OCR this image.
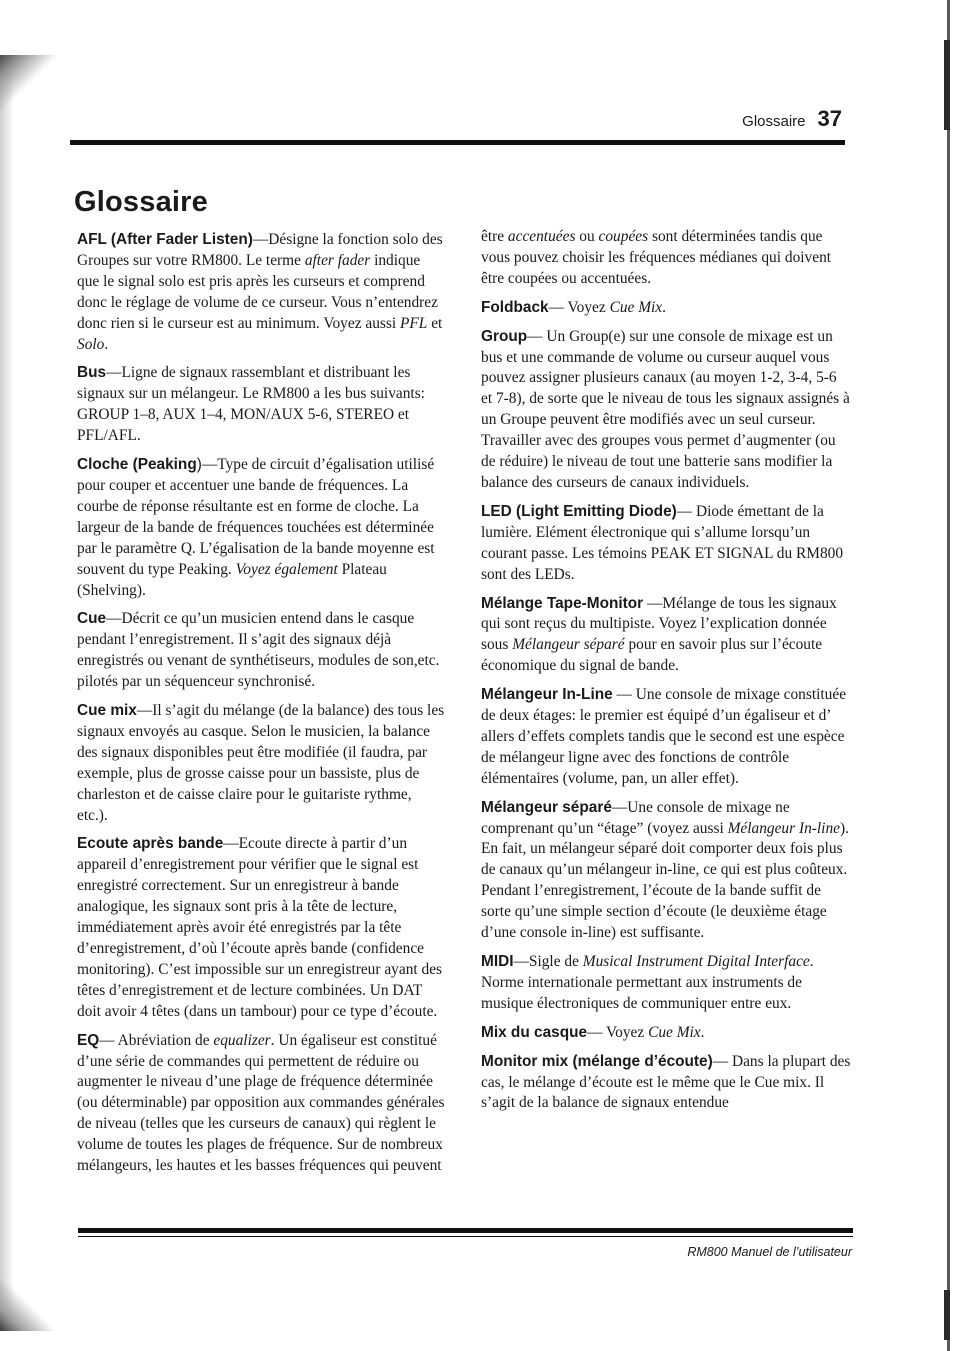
Glossaire 37
Glossaire

AFL (After Fader Listen)—Désigne la fonction solo des Groupes sur votre RM800. Le terme after fader indique que le signal solo est pris après les curseurs et comprend donc le réglage de volume de ce curseur. Vous n’entendrez donc rien si le curseur est au minimum. Voyez aussi PFL et Solo.

Bus—Ligne de signaux rassemblant et distribuant les signaux sur un mélangeur. Le RM800 a les bus suivants: GROUP 1–8, AUX 1–4, MON/AUX 5-6, STEREO et PFL/AFL.

Cloche (Peaking)—Type de circuit d’égalisation utilisé pour couper et accentuer une bande de fréquences. La courbe de réponse résultante est en forme de cloche. La largeur de la bande de fréquences touchées est déterminée par le paramètre Q. L’égalisation de la bande moyenne est souvent du type Peaking. Voyez également Plateau (Shelving).

Cue—Décrit ce qu’un musicien entend dans le casque pendant l’enregistrement. Il s’agit des signaux déjà enregistrés ou venant de synthétiseurs, modules de son,etc. pilotés par un séquenceur synchronisé.

Cue mix—Il s’agit du mélange (de la balance) des tous les signaux envoyés au casque. Selon le musicien, la balance des signaux disponibles peut être modifiée (il faudra, par exemple, plus de grosse caisse pour un bassiste, plus de charleston et de caisse claire pour le guitariste rythme, etc.).

Ecoute après bande—Ecoute directe à partir d’un appareil d’enregistrement pour vérifier que le signal est enregistré correctement. Sur un enregistreur à bande analogique, les signaux sont pris à la tête de lecture, immédiatement après avoir été enregistrés par la tête d’enregistrement, d’où l’écoute après bande (confidence monitoring). C’est impossible sur un enregistreur ayant des têtes d’enregistrement et de lecture combinées. Un DAT doit avoir 4 têtes (dans un tambour) pour ce type d’écoute.

EQ— Abréviation de equalizer. Un égaliseur est constitué d’une série de commandes qui permettent de réduire ou augmenter le niveau d’une plage de fréquence déterminée (ou déterminable) par opposition aux commandes générales de niveau (telles que les curseurs de canaux) qui règlent le volume de toutes les plages de fréquence. Sur de nombreux mélangeurs, les hautes et les basses fréquences qui peuvent

être accentuées ou coupées sont déterminées tandis que vous pouvez choisir les fréquences médianes qui doivent être coupées ou accentuées.

Foldback— Voyez Cue Mix.

Group— Un Group(e) sur une console de mixage est un bus et une commande de volume ou curseur auquel vous pouvez assigner plusieurs canaux (au moyen 1-2, 3-4, 5-6 et 7-8), de sorte que le niveau de tous les signaux assignés à un Groupe peuvent être modifiés avec un seul curseur. Travailler avec des groupes vous permet d’augmenter (ou de réduire) le niveau de tout une batterie sans modifier la balance des curseurs de canaux individuels.

LED (Light Emitting Diode)— Diode émettant de la lumière. Elément électronique qui s’allume lorsqu’un courant passe. Les témoins PEAK ET SIGNAL du RM800 sont des LEDs.

Mélange Tape-Monitor —Mélange de tous les signaux qui sont reçus du multipiste. Voyez l’explication donnée sous Mélangeur séparé pour en savoir plus sur l’écoute économique du signal de bande.

Mélangeur In-Line — Une console de mixage constituée de deux étages: le premier est équipé d’un égaliseur et d’ allers d’effets complets tandis que le second est une espèce de mélangeur ligne avec des fonctions de contrôle élémentaires (volume, pan, un aller effet).

Mélangeur séparé—Une console de mixage ne comprenant qu’un “étage” (voyez aussi Mélangeur In-line). En fait, un mélangeur séparé doit comporter deux fois plus de canaux qu’un mélangeur in-line, ce qui est plus coûteux. Pendant l’enregistrement, l’écoute de la bande suffit de sorte qu’une simple section d’écoute (le deuxième étage d’une console in-line) est suffisante.

MIDI—Sigle de Musical Instrument Digital Interface. Norme internationale permettant aux instruments de musique électroniques de communiquer entre eux.

Mix du casque— Voyez Cue Mix.

Monitor mix (mélange d’écoute)— Dans la plupart des cas, le mélange d’écoute est le même que le Cue mix. Il s’agit de la balance de signaux entendue

RM800 Manuel de l’utilisateur
